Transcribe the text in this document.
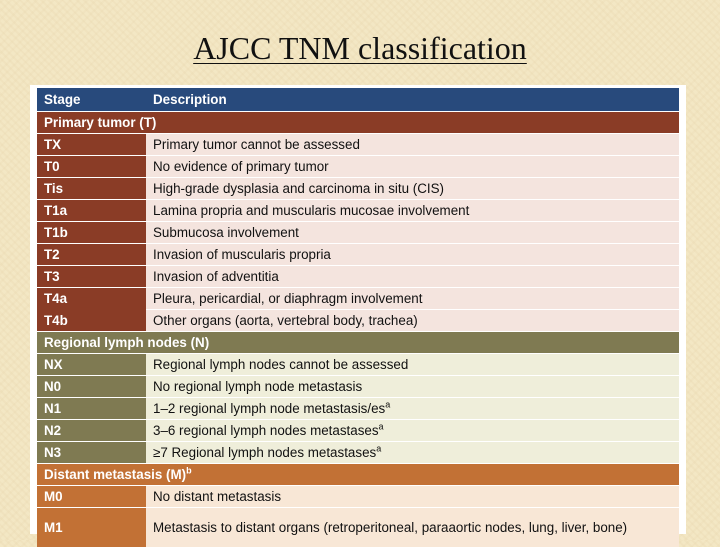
AJCC TNM classification
Stage	Description
Primary tumor (T)	
TX	Primary tumor cannot be assessed
T0	No evidence of primary tumor
Tis	High-grade dysplasia and carcinoma in situ (CIS)
T1a	Lamina propria and muscularis mucosae involvement
T1b	Submucosa involvement
T2	Invasion of muscularis propria
T3	Invasion of adventitia
T4a	Pleura, pericardial, or diaphragm involvement
T4b	Other organs (aorta, vertebral body, trachea)
Regional lymph nodes (N)	
NX	Regional lymph nodes cannot be assessed
N0	No regional lymph node metastasis
N1	1–2 regional lymph node metastasis/$es^a$
N2	3–6 regional lymph nodes metastases$^a$
N3	≥7 Regional lymph nodes metastases$^a$
Distant metastasis $(M)^b$
M0	No distant metastasis
M1	Metastasis to distant organs (retroperitoneal, paraaortic nodes, lung, liver, bone)
